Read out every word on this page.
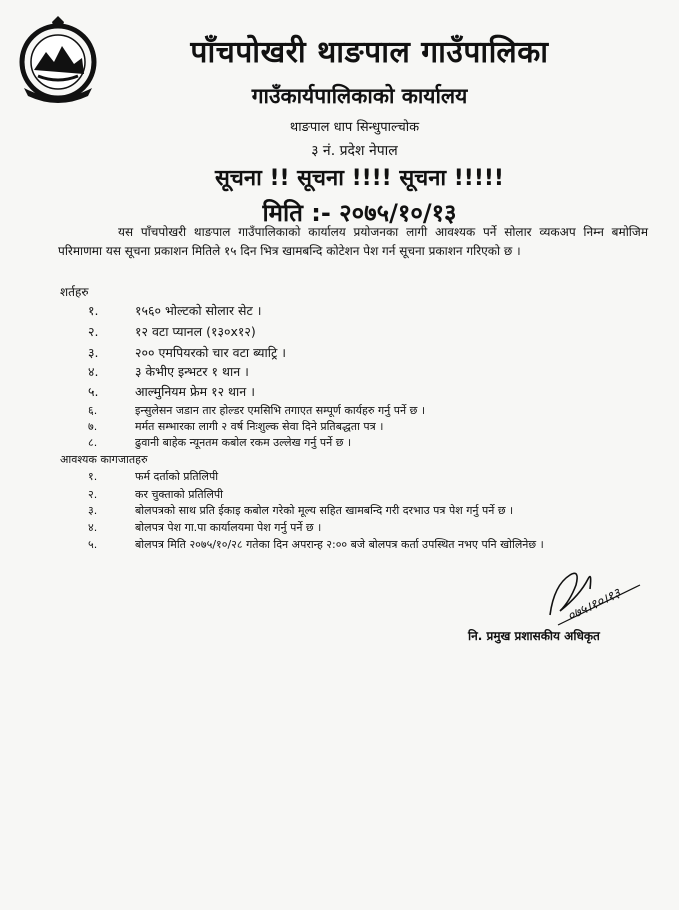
पाँचपोखरी थाङपाल गाउँपालिका
गाउँकार्यपालिकाको कार्यालय
थाङपाल धाप सिन्धुपाल्चोक
३ नं. प्रदेश नेपाल
सूचना !! सूचना !!!! सूचना !!!!!
मिति :- २०७५/१०/१३
यस पाँचपोखरी थाङपाल गाउँपालिकाको कार्यालय प्रयोजनका लागी आवश्यक पर्ने सोलार व्यकअप निम्न बमोजिम परिमाणमा यस सूचना प्रकाशन मितिले १५ दिन भित्र खामबन्दि कोटेशन पेश गर्न सूचना प्रकाशन गरिएको छ ।
शर्तहरु
१.	१५६० भोल्टको सोलार सेट ।
२.	१२ वटा प्यानल (१३०x१२)
३.	२०० एमपियरको चार वटा ब्याट्रि ।
४.	३ केभीए इन्भटर १ थान ।
५.	आल्मुनियम फ्रेम १२ थान ।
६.	इन्सुलेसन जडान तार होल्डर एमसिभि तगाएत सम्पूर्ण कार्यहरु गर्नु पर्ने छ ।
७.	मर्मत सम्भारका लागी २ वर्ष निःशुल्क सेवा दिने प्रतिबद्धता पत्र ।
८.	ढुवानी बाहेक न्यूनतम कबोल रकम उल्लेख गर्नु पर्ने छ ।
आवश्यक कागजातहरु
१.	फर्म दर्ताको प्रतिलिपी
२.	कर चुक्ताको प्रतिलिपी
३.	बोलपत्रको साथ प्रति ईकाइ कबोल गरेको मूल्य सहित खामबन्दि गरी दरभाउ पत्र पेश गर्नु पर्ने छ ।
४.	बोलपत्र पेश गा.पा कार्यालयमा पेश गर्नु पर्ने छ ।
५.	बोलपत्र मिति २०७५/१०/२८ गतेका दिन अपरान्ह २:०० बजे बोलपत्र कर्ता उपस्थित नभए पनि खोलिनेछ ।
०७५।१०।१३
नि. प्रमुख प्रशासकीय अधिकृत
